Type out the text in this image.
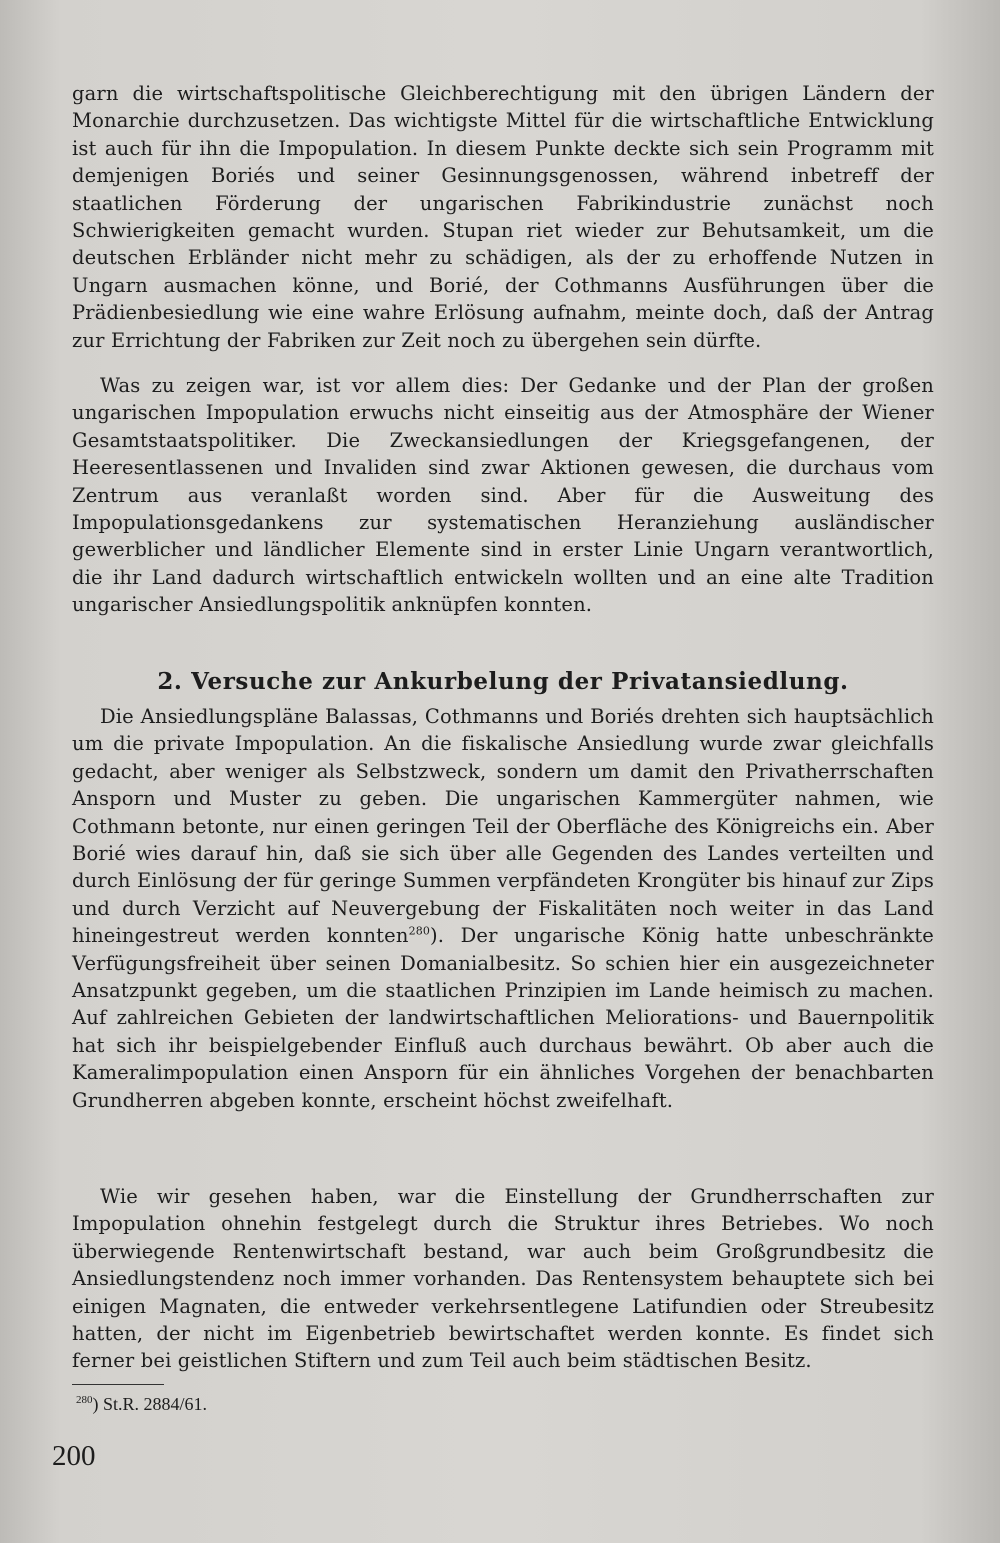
garn die wirtschaftspolitische Gleichberechtigung mit den übrigen Ländern der Monarchie durchzusetzen. Das wichtigste Mittel für die wirtschaftliche Entwicklung ist auch für ihn die Impopulation. In diesem Punkte deckte sich sein Programm mit demjenigen Boriés und seiner Gesinnungsgenossen, während inbetreff der staatlichen Förderung der ungarischen Fabrikindustrie zunächst noch Schwierigkeiten gemacht wurden. Stupan riet wieder zur Behutsamkeit, um die deutschen Erbländer nicht mehr zu schädigen, als der zu erhoffende Nutzen in Ungarn ausmachen könne, und Borié, der Cothmanns Ausführungen über die Prädienbesiedlung wie eine wahre Erlösung aufnahm, meinte doch, daß der Antrag zur Errichtung der Fabriken zur Zeit noch zu übergehen sein dürfte.

Was zu zeigen war, ist vor allem dies: Der Gedanke und der Plan der großen ungarischen Impopulation erwuchs nicht einseitig aus der Atmosphäre der Wiener Gesamtstaatspolitiker. Die Zweckansiedlungen der Kriegsgefangenen, der Heeresentlassenen und Invaliden sind zwar Aktionen gewesen, die durchaus vom Zentrum aus veranlaßt worden sind. Aber für die Ausweitung des Impopulationsgedankens zur systematischen Heranziehung ausländischer gewerblicher und ländlicher Elemente sind in erster Linie Ungarn verantwortlich, die ihr Land dadurch wirtschaftlich entwickeln wollten und an eine alte Tradition ungarischer Ansiedlungspolitik anknüpfen konnten.

2. Versuche zur Ankurbelung der Privatansiedlung.

Die Ansiedlungspläne Balassas, Cothmanns und Boriés drehten sich hauptsächlich um die private Impopulation. An die fiskalische Ansiedlung wurde zwar gleichfalls gedacht, aber weniger als Selbstzweck, sondern um damit den Privatherrschaften Ansporn und Muster zu geben. Die ungarischen Kammergüter nahmen, wie Cothmann betonte, nur einen geringen Teil der Oberfläche des Königreichs ein. Aber Borié wies darauf hin, daß sie sich über alle Gegenden des Landes verteilten und durch Einlösung der für geringe Summen verpfändeten Krongüter bis hinauf zur Zips und durch Verzicht auf Neuvergebung der Fiskalitäten noch weiter in das Land hineingestreut werden konnten$^{280}$). Der ungarische König hatte unbeschränkte Verfügungsfreiheit über seinen Domanialbesitz. So schien hier ein ausgezeichneter Ansatzpunkt gegeben, um die staatlichen Prinzipien im Lande heimisch zu machen. Auf zahlreichen Gebieten der landwirtschaftlichen Meliorations- und Bauernpolitik hat sich ihr beispielgebender Einfluß auch durchaus bewährt. Ob aber auch die Kameralimpopulation einen Ansporn für ein ähnliches Vorgehen der benachbarten Grundherren abgeben konnte, erscheint höchst zweifelhaft.

Wie wir gesehen haben, war die Einstellung der Grundherrschaften zur Impopulation ohnehin festgelegt durch die Struktur ihres Betriebes. Wo noch überwiegende Rentenwirtschaft bestand, war auch beim Großgrundbesitz die Ansiedlungstendenz noch immer vorhanden. Das Rentensystem behauptete sich bei einigen Magnaten, die entweder verkehrsentlegene Latifundien oder Streubesitz hatten, der nicht im Eigenbetrieb bewirtschaftet werden konnte. Es findet sich ferner bei geistlichen Stiftern und zum Teil auch beim städtischen Besitz.

$^{280}$) St.R. 2884/61.
200
